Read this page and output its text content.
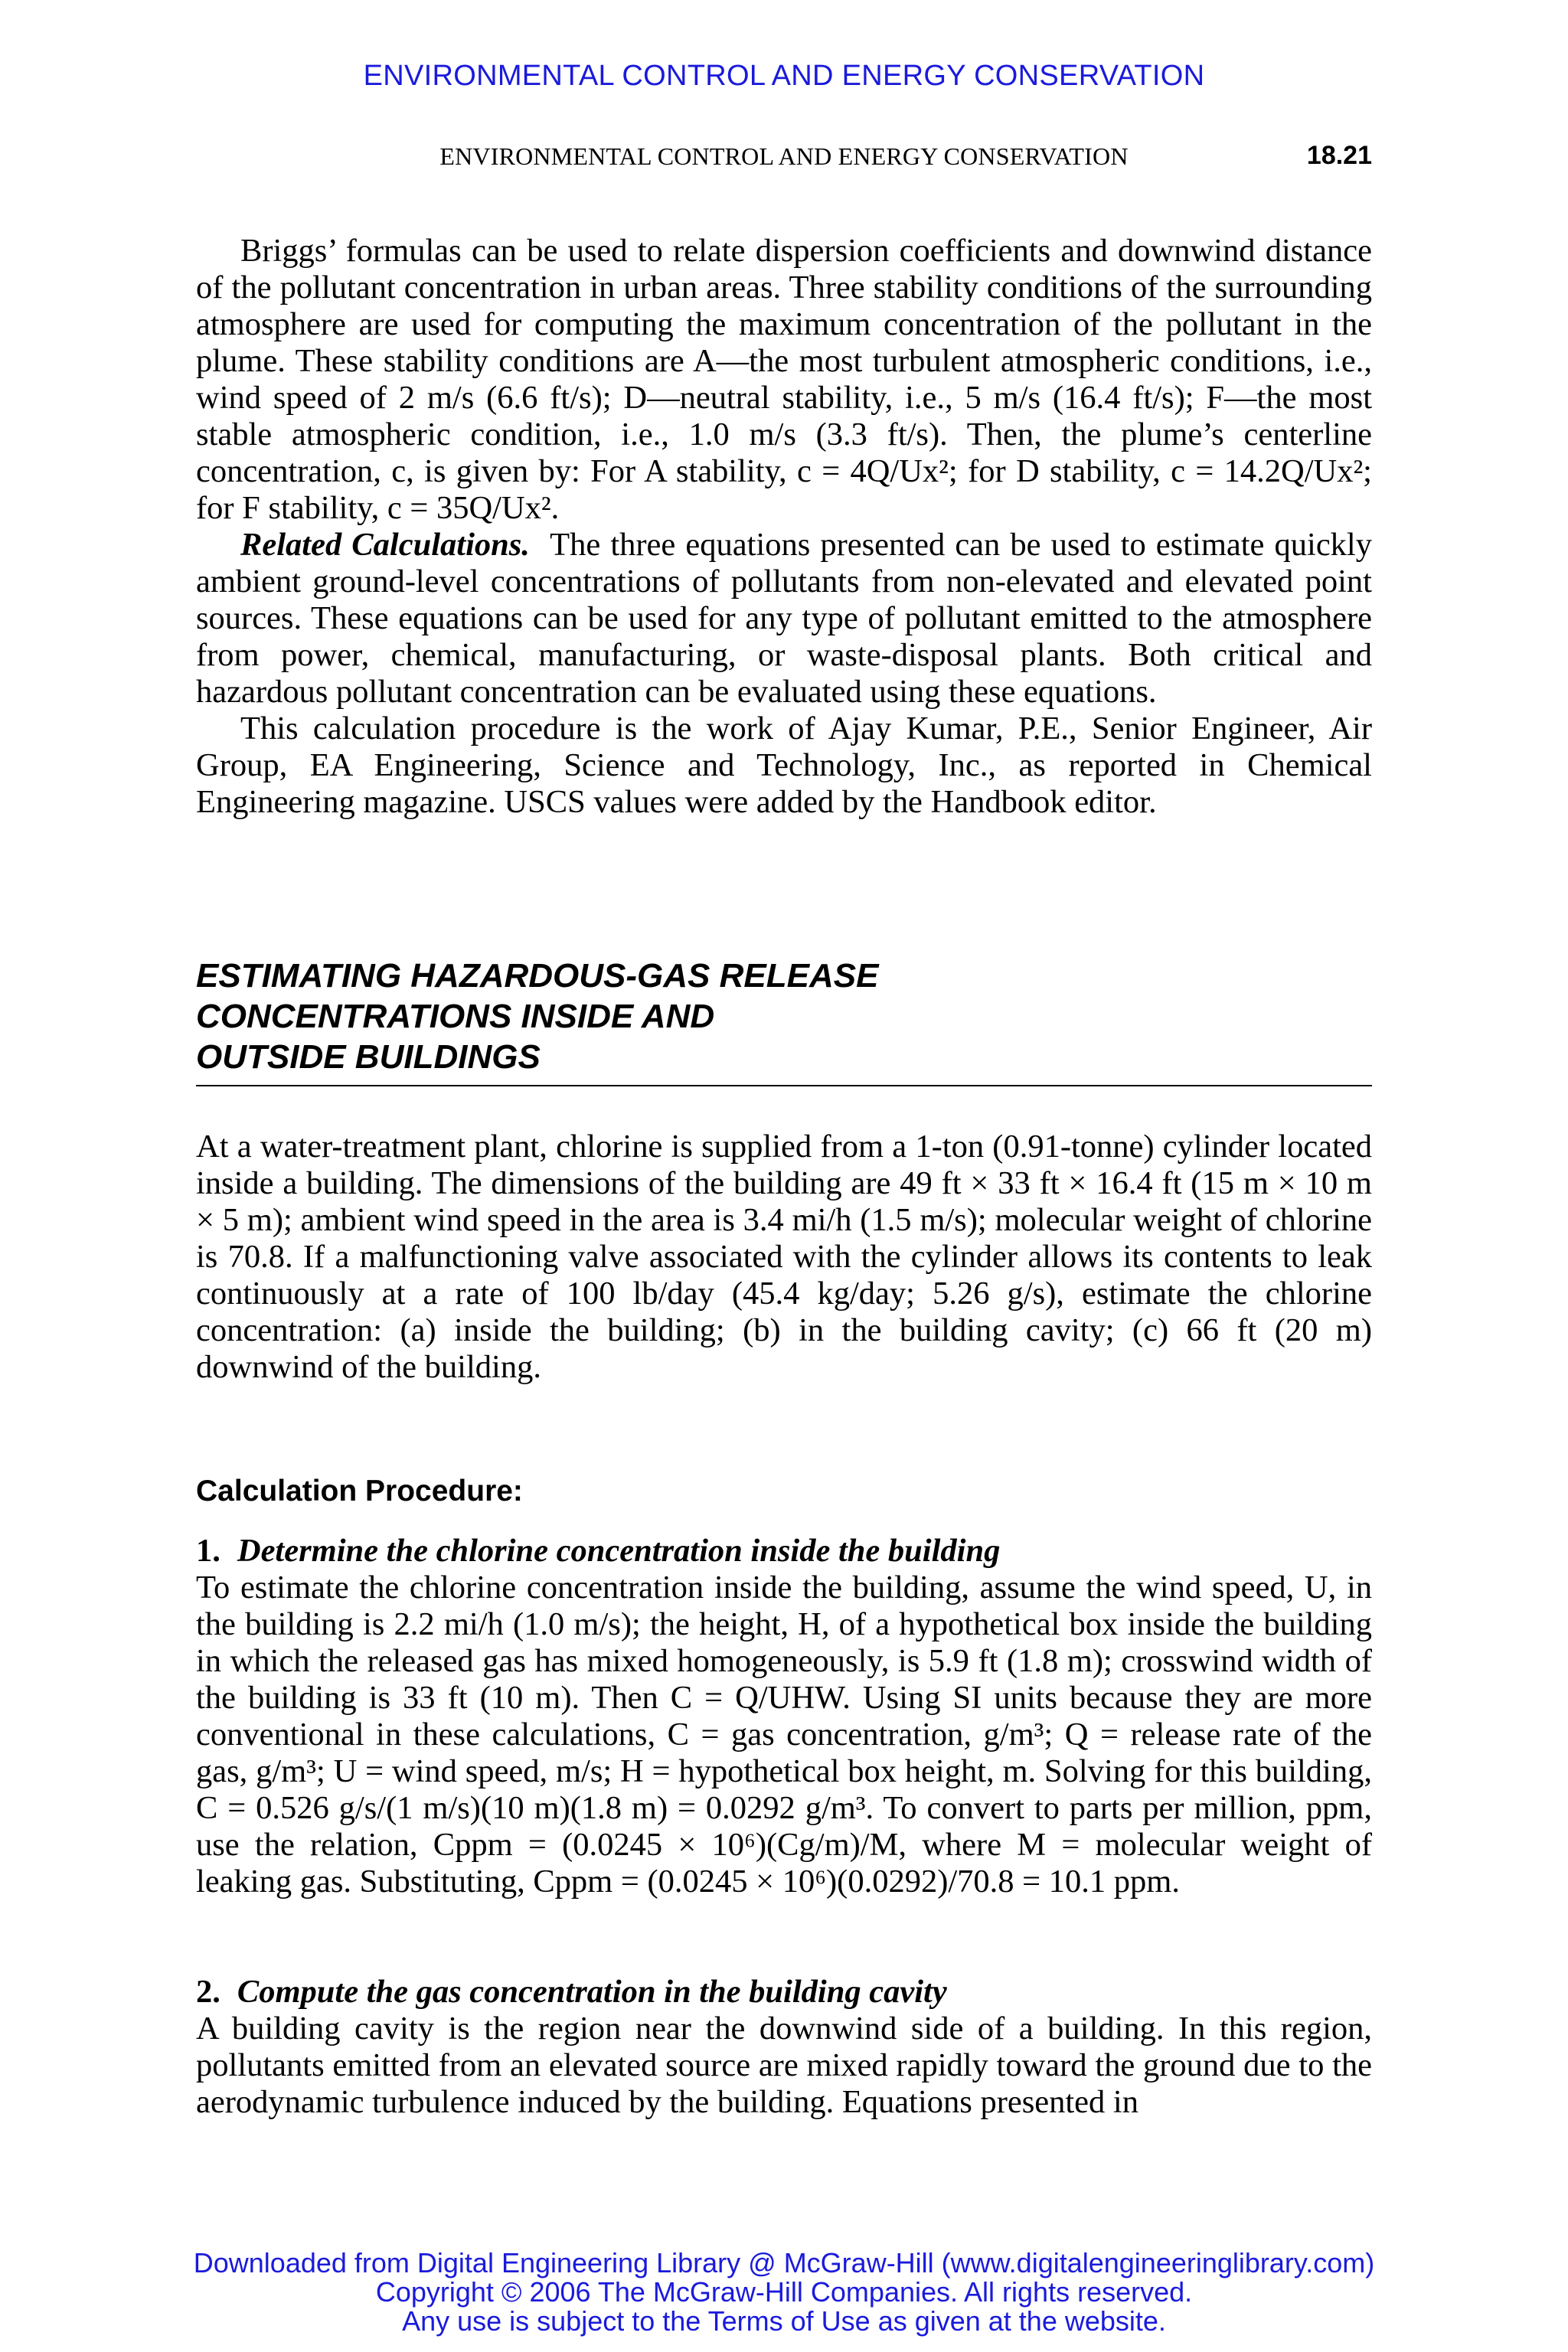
ENVIRONMENTAL CONTROL AND ENERGY CONSERVATION
ENVIRONMENTAL CONTROL AND ENERGY CONSERVATION	18.21

Briggs’ formulas can be used to relate dispersion coefficients and downwind distance of the pollutant concentration in urban areas. Three stability conditions of the surrounding atmosphere are used for computing the maximum concentration of the pollutant in the plume. These stability conditions are A—the most turbulent atmospheric conditions, i.e., wind speed of 2 m/s (6.6 ft/s); D—neutral stability, i.e., 5 m/s (16.4 ft/s); F—the most stable atmospheric condition, i.e., 1.0 m/s (3.3 ft/s). Then, the plume’s centerline concentration, c, is given by: For A stability, c = 4Q/Ux²; for D stability, c = 14.2Q/Ux²; for F stability, c = 35Q/Ux².

Related Calculations. The three equations presented can be used to estimate quickly ambient ground-level concentrations of pollutants from non-elevated and elevated point sources. These equations can be used for any type of pollutant emitted to the atmosphere from power, chemical, manufacturing, or waste-disposal plants. Both critical and hazardous pollutant concentration can be evaluated using these equations.

This calculation procedure is the work of Ajay Kumar, P.E., Senior Engineer, Air Group, EA Engineering, Science and Technology, Inc., as reported in Chemical Engineering magazine. USCS values were added by the Handbook editor.

ESTIMATING HAZARDOUS-GAS RELEASE
CONCENTRATIONS INSIDE AND
OUTSIDE BUILDINGS

At a water-treatment plant, chlorine is supplied from a 1-ton (0.91-tonne) cylinder located inside a building. The dimensions of the building are 49 ft × 33 ft × 16.4 ft (15 m × 10 m × 5 m); ambient wind speed in the area is 3.4 mi/h (1.5 m/s); molecular weight of chlorine is 70.8. If a malfunctioning valve associated with the cylinder allows its contents to leak continuously at a rate of 100 lb/day (45.4 kg/day; 5.26 g/s), estimate the chlorine concentration: (a) inside the building; (b) in the building cavity; (c) 66 ft (20 m) downwind of the building.

Calculation Procedure:
1. Determine the chlorine concentration inside the building

To estimate the chlorine concentration inside the building, assume the wind speed, U, in the building is 2.2 mi/h (1.0 m/s); the height, H, of a hypothetical box inside the building in which the released gas has mixed homogeneously, is 5.9 ft (1.8 m); crosswind width of the building is 33 ft (10 m). Then C = Q/UHW. Using SI units because they are more conventional in these calculations, C = gas concentration, g/m³; Q = release rate of the gas, g/m³; U = wind speed, m/s; H = hypothetical box height, m. Solving for this building, C = 0.526 g/s/(1 m/s)(10 m)(1.8 m) = 0.0292 g/m³. To convert to parts per million, ppm, use the relation, Cppm = (0.0245 × 10⁶)(Cg/m)/M, where M = molecular weight of leaking gas. Substituting, Cppm = (0.0245 × 10⁶)(0.0292)/70.8 = 10.1 ppm.

2. Compute the gas concentration in the building cavity

A building cavity is the region near the downwind side of a building. In this region, pollutants emitted from an elevated source are mixed rapidly toward the ground due to the aerodynamic turbulence induced by the building. Equations presented in

Downloaded from Digital Engineering Library @ McGraw-Hill (www.digitalengineeringlibrary.com)
Copyright © 2006 The McGraw-Hill Companies. All rights reserved.
Any use is subject to the Terms of Use as given at the website.
